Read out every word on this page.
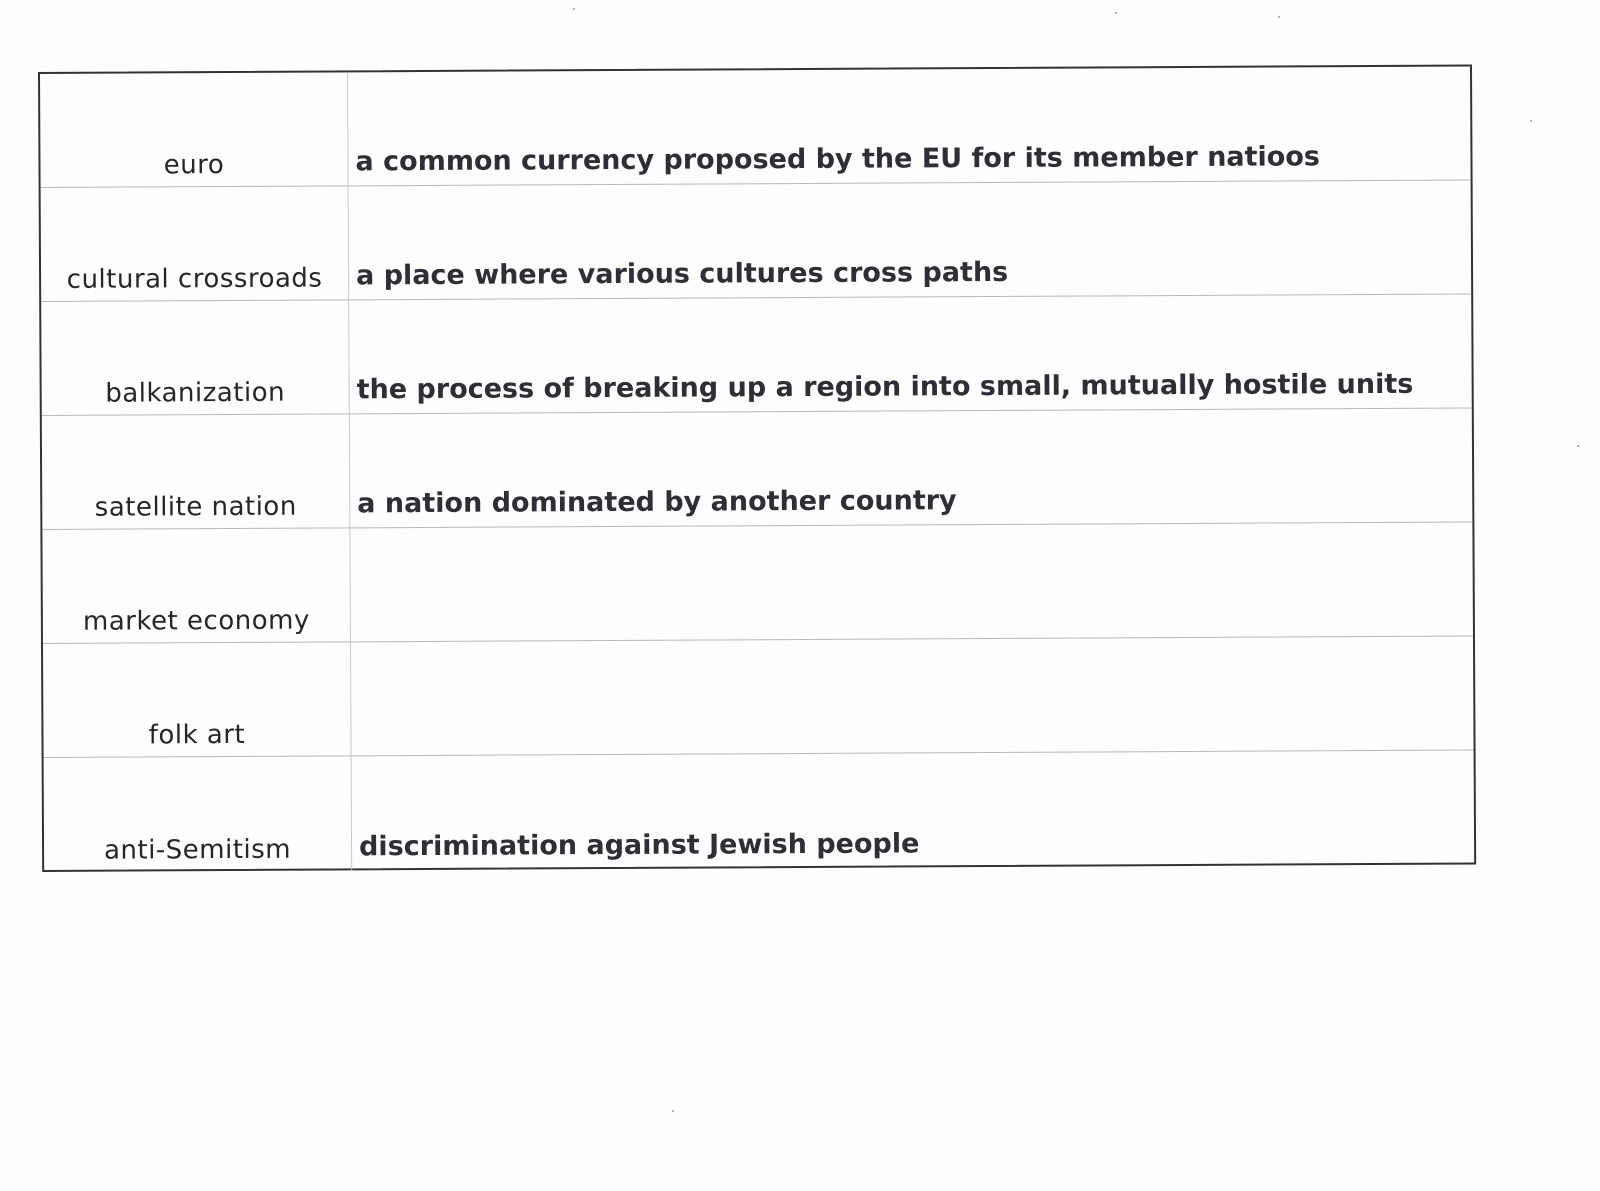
euro	a common currency proposed by the EU for its member natioos
cultural crossroads	a place where various cultures cross paths
balkanization	the process of breaking up a region into small, mutually hostile units
satellite nation	a nation dominated by another country
market economy
folk art
anti-Semitism	discrimination against Jewish people
